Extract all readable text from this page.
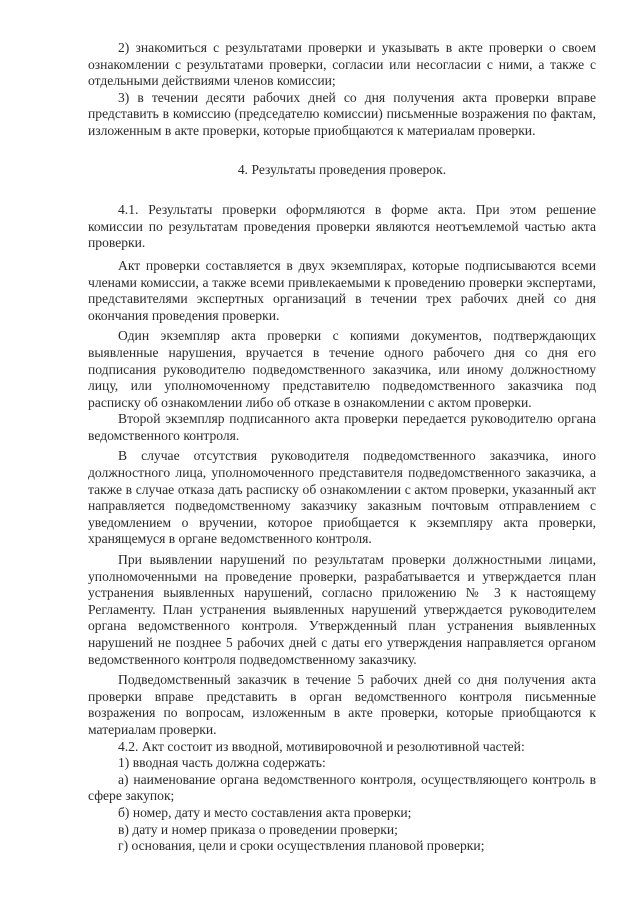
2) знакомиться с результатами проверки и указывать в акте проверки о своем ознакомлении с результатами проверки, согласии или несогласии с ними, а также с отдельными действиями членов комиссии;

3) в течении десяти рабочих дней со дня получения акта проверки вправе представить в комиссию (председателю комиссии) письменные возражения по фактам, изложенным в акте проверки, которые приобщаются к материалам проверки.

4. Результаты проведения проверок.

4.1. Результаты проверки оформляются в форме акта. При этом решение комиссии по результатам проведения проверки являются неотъемлемой частью акта проверки.

Акт проверки составляется в двух экземплярах, которые подписываются всеми членами комиссии, а также всеми привлекаемыми к проведению проверки экспертами, представителями экспертных организаций в течении трех рабочих дней со дня окончания проведения проверки.

Один экземпляр акта проверки с копиями документов, подтверждающих выявленные нарушения, вручается в течение одного рабочего дня со дня его подписания руководителю подведомственного заказчика, или иному должностному лицу, или уполномоченному представителю подведомственного заказчика под расписку об ознакомлении либо об отказе в ознакомлении с актом проверки.

Второй экземпляр подписанного акта проверки передается руководителю органа ведомственного контроля.

В случае отсутствия руководителя подведомственного заказчика, иного должностного лица, уполномоченного представителя подведомственного заказчика, а также в случае отказа дать расписку об ознакомлении с актом проверки, указанный акт направляется подведомственному заказчику заказным почтовым отправлением с уведомлением о вручении, которое приобщается к экземпляру акта проверки, хранящемуся в органе ведомственного контроля.

При выявлении нарушений по результатам проверки должностными лицами, уполномоченными на проведение проверки, разрабатывается и утверждается план устранения выявленных нарушений, согласно приложению № 3 к настоящему Регламенту. План устранения выявленных нарушений утверждается руководителем органа ведомственного контроля. Утвержденный план устранения выявленных нарушений не позднее 5 рабочих дней с даты его утверждения направляется органом ведомственного контроля подведомственному заказчику.

Подведомственный заказчик в течение 5 рабочих дней со дня получения акта проверки вправе представить в орган ведомственного контроля письменные возражения по вопросам, изложенным в акте проверки, которые приобщаются к материалам проверки.

4.2. Акт состоит из вводной, мотивировочной и резолютивной частей:

1) вводная часть должна содержать:

а) наименование органа ведомственного контроля, осуществляющего контроль в сфере закупок;

б) номер, дату и место составления акта проверки;

в) дату и номер приказа о проведении проверки;

г) основания, цели и сроки осуществления плановой проверки;
